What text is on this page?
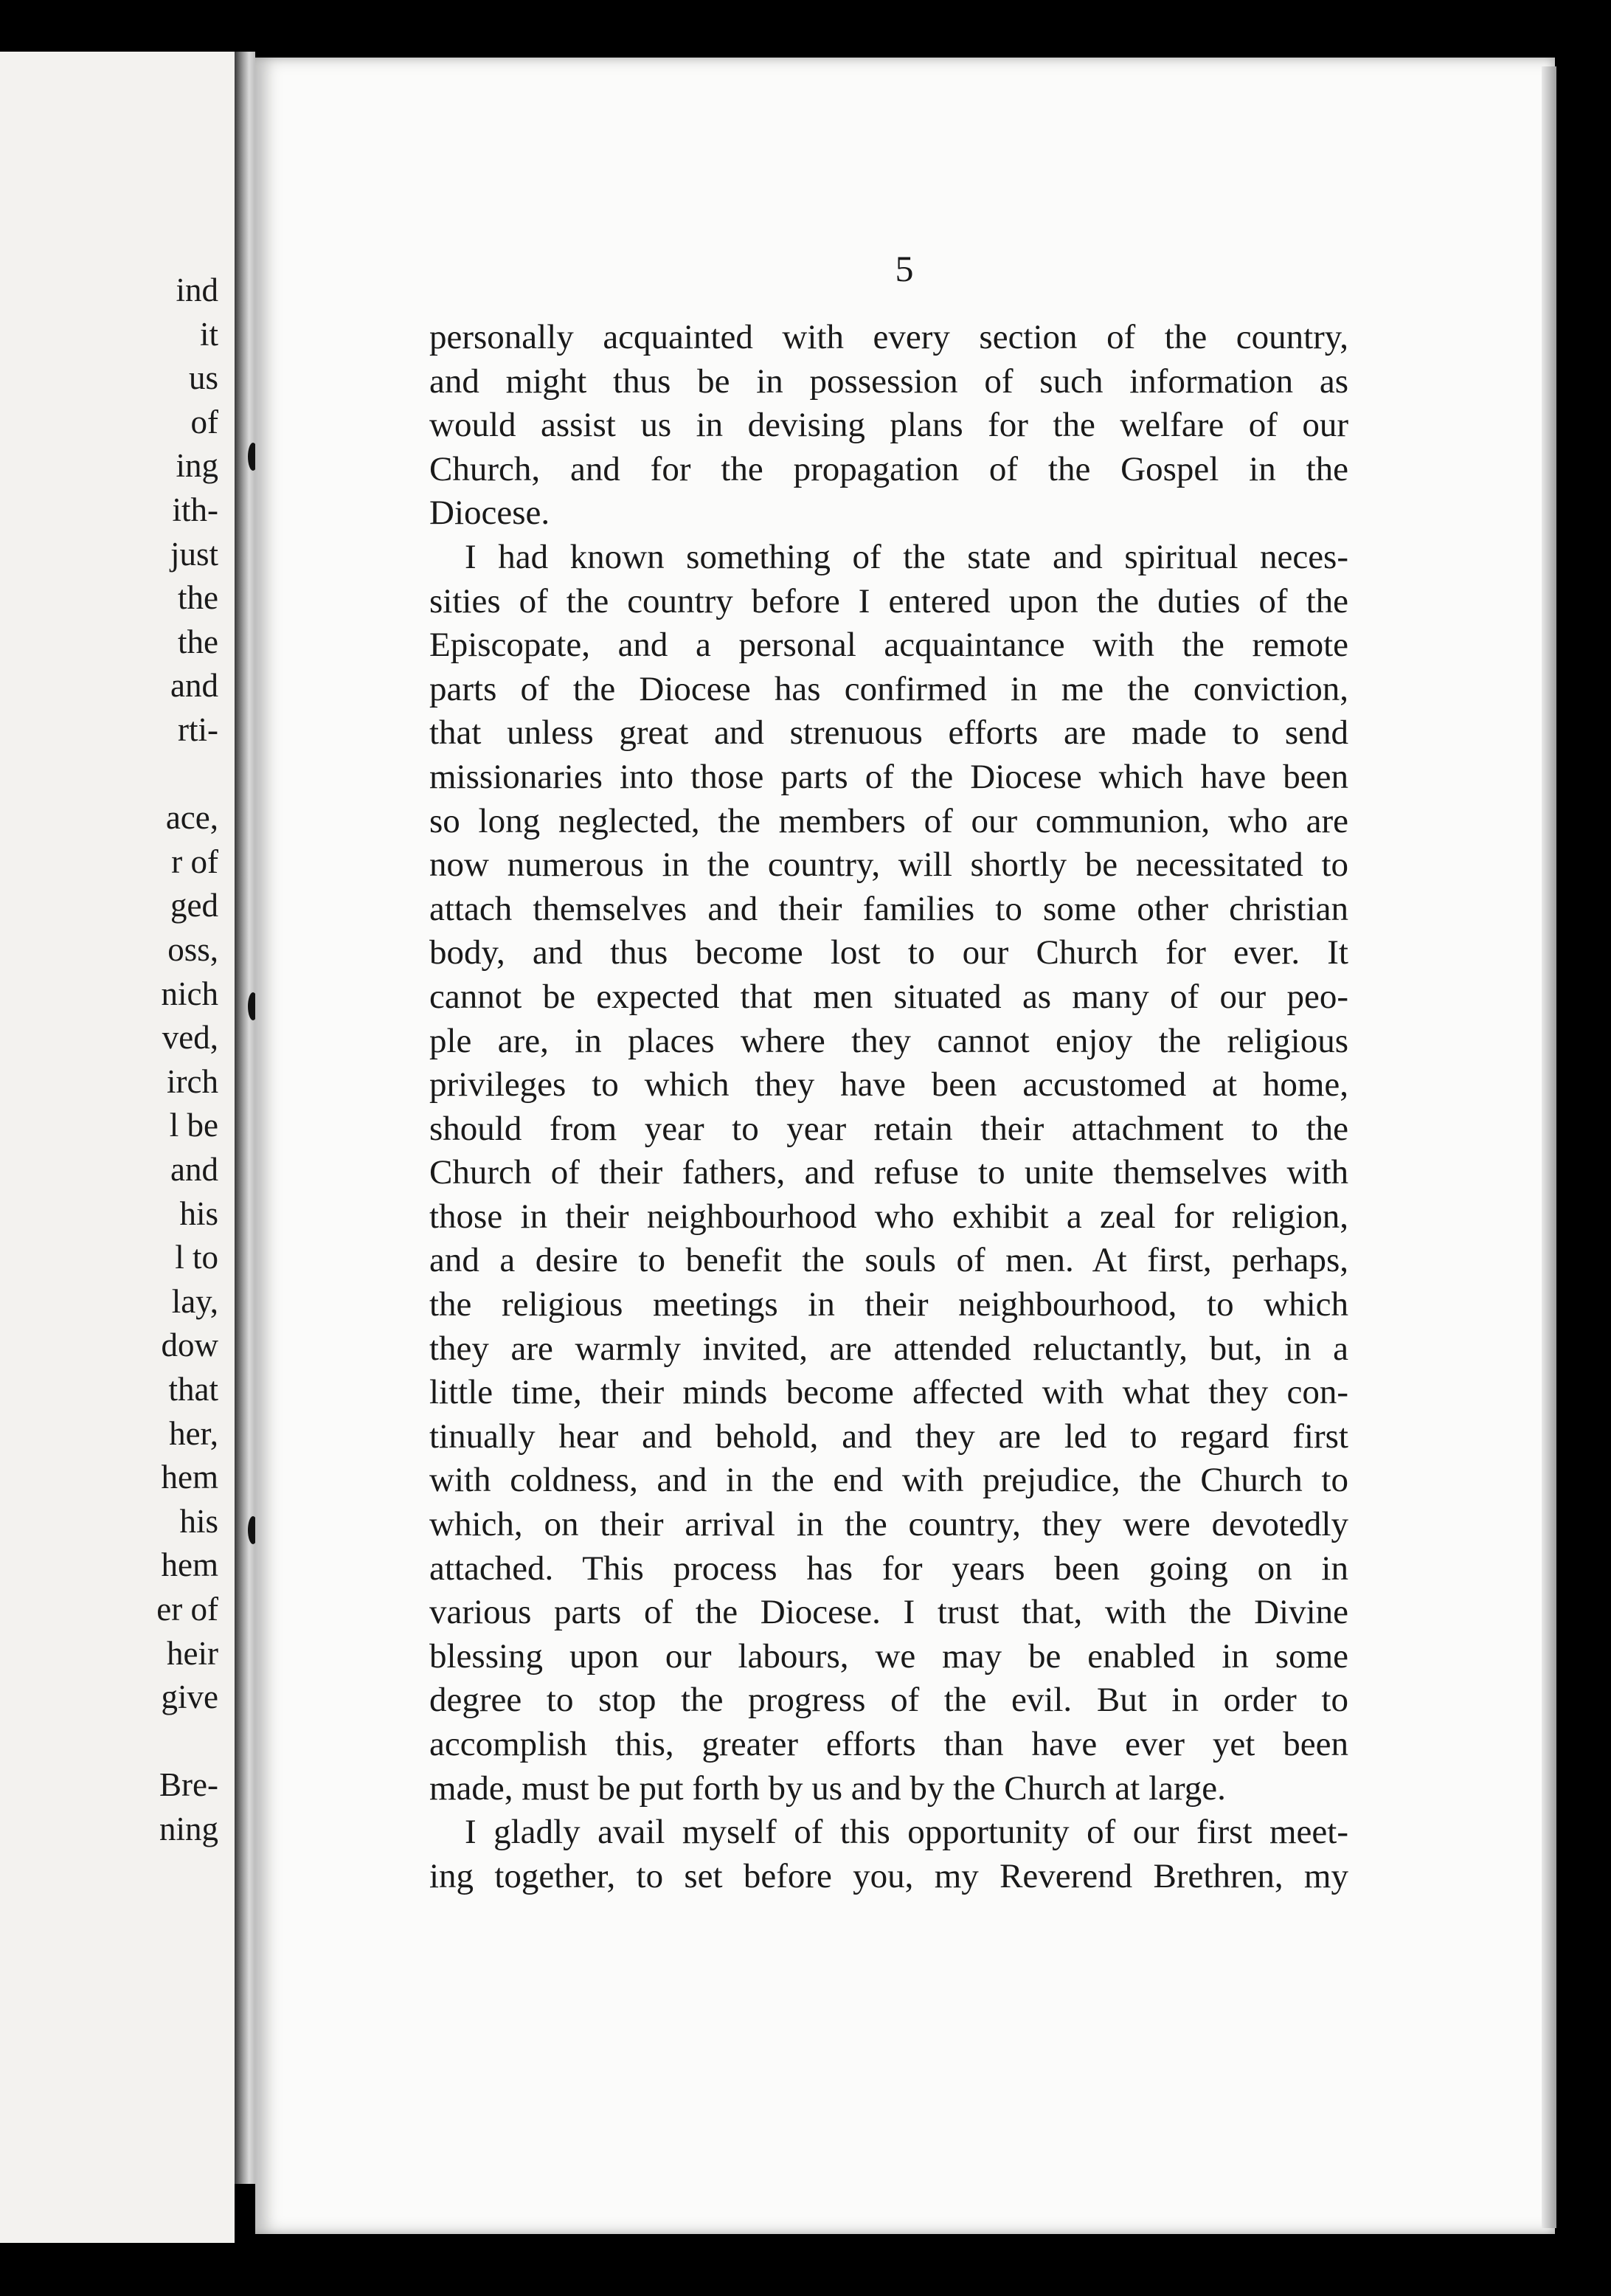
ind
it
us
of
ing
ith-
just
the
the
and
rti-
ace,
r of
ged
oss,
nich
ved,
irch
l be
and
his
l to
lay,
dow
that
her,
hem
his
hem
er of
heir
give
Bre-
ning
5
personally acquainted with every section of the country,
and might thus be in possession of such information as
would assist us in devising plans for the welfare of our
Church, and for the propagation of the Gospel in the
Diocese.
I had known something of the state and spiritual neces-
sities of the country before I entered upon the duties of the
Episcopate, and a personal acquaintance with the remote
parts of the Diocese has confirmed in me the conviction,
that unless great and strenuous efforts are made to send
missionaries into those parts of the Diocese which have been
so long neglected, the members of our communion, who are
now numerous in the country, will shortly be necessitated to
attach themselves and their families to some other christian
body, and thus become lost to our Church for ever. It
cannot be expected that men situated as many of our peo-
ple are, in places where they cannot enjoy the religious
privileges to which they have been accustomed at home,
should from year to year retain their attachment to the
Church of their fathers, and refuse to unite themselves with
those in their neighbourhood who exhibit a zeal for religion,
and a desire to benefit the souls of men. At first, perhaps,
the religious meetings in their neighbourhood, to which
they are warmly invited, are attended reluctantly, but, in a
little time, their minds become affected with what they con-
tinually hear and behold, and they are led to regard first
with coldness, and in the end with prejudice, the Church to
which, on their arrival in the country, they were devotedly
attached. This process has for years been going on in
various parts of the Diocese. I trust that, with the Divine
blessing upon our labours, we may be enabled in some
degree to stop the progress of the evil. But in order to
accomplish this, greater efforts than have ever yet been
made, must be put forth by us and by the Church at large.
I gladly avail myself of this opportunity of our first meet-
ing together, to set before you, my Reverend Brethren, my
